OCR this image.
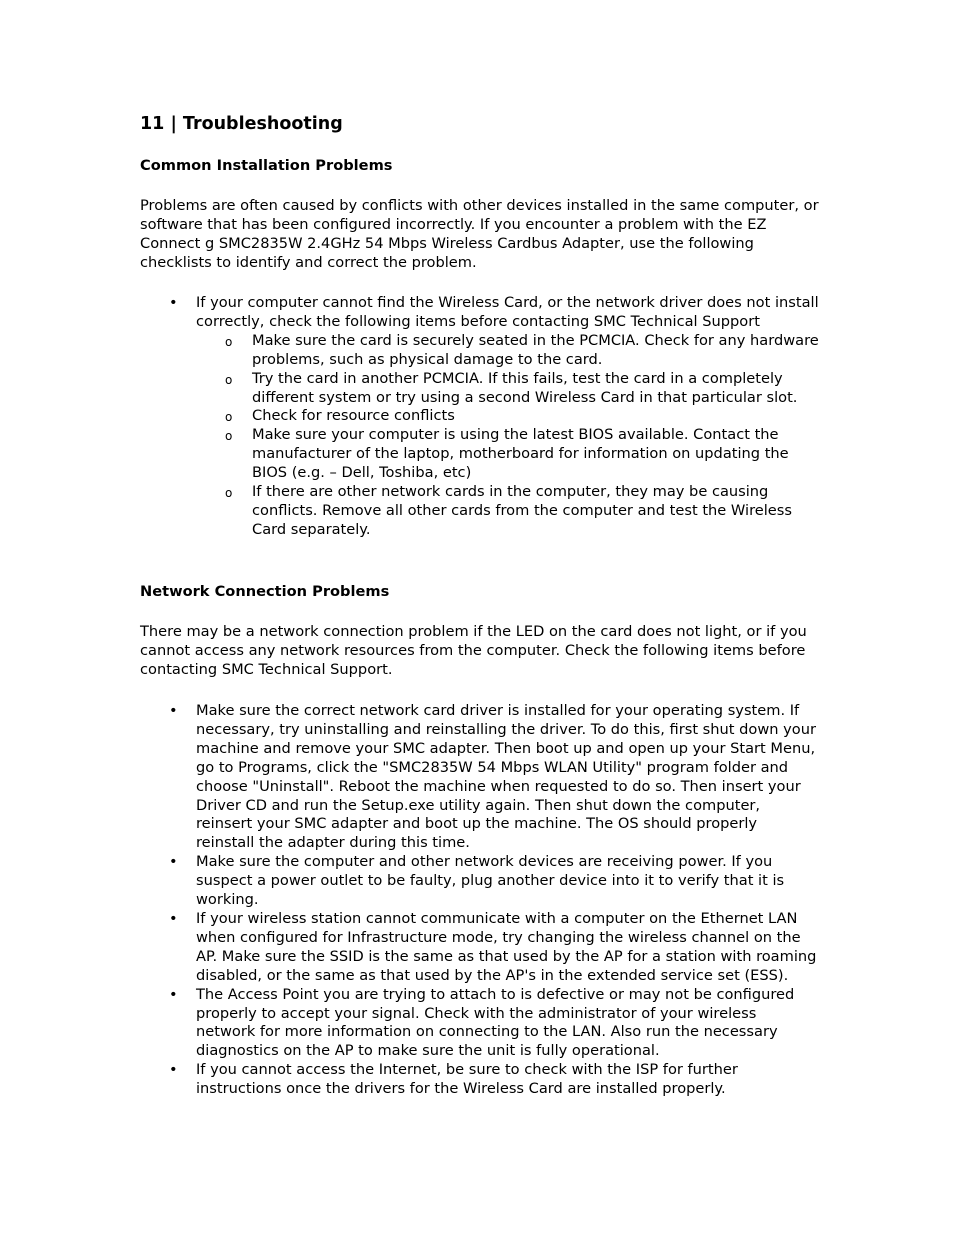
11 | Troubleshooting
Common Installation Problems

Problems are often caused by conflicts with other devices installed in the same computer, or software that has been configured incorrectly. If you encounter a problem with the EZ Connect g SMC2835W 2.4GHz 54 Mbps Wireless Cardbus Adapter, use the following checklists to identify and correct the problem.

• If your computer cannot find the Wireless Card, or the network driver does not install correctly, check the following items before contacting SMC Technical Support
o Make sure the card is securely seated in the PCMCIA. Check for any hardware problems, such as physical damage to the card.
o Try the card in another PCMCIA. If this fails, test the card in a completely different system or try using a second Wireless Card in that particular slot.
o Check for resource conflicts
o Make sure your computer is using the latest BIOS available. Contact the manufacturer of the laptop, motherboard for information on updating the BIOS (e.g. – Dell, Toshiba, etc)
o If there are other network cards in the computer, they may be causing conflicts. Remove all other cards from the computer and test the Wireless Card separately.
Network Connection Problems

There may be a network connection problem if the LED on the card does not light, or if you cannot access any network resources from the computer. Check the following items before contacting SMC Technical Support.

• Make sure the correct network card driver is installed for your operating system. If necessary, try uninstalling and reinstalling the driver. To do this, first shut down your machine and remove your SMC adapter. Then boot up and open up your Start Menu, go to Programs, click the "SMC2835W 54 Mbps WLAN Utility" program folder and choose "Uninstall". Reboot the machine when requested to do so. Then insert your Driver CD and run the Setup.exe utility again. Then shut down the computer, reinsert your SMC adapter and boot up the machine. The OS should properly reinstall the adapter during this time.
• Make sure the computer and other network devices are receiving power. If you suspect a power outlet to be faulty, plug another device into it to verify that it is working.
• If your wireless station cannot communicate with a computer on the Ethernet LAN when configured for Infrastructure mode, try changing the wireless channel on the AP. Make sure the SSID is the same as that used by the AP for a station with roaming disabled, or the same as that used by the AP's in the extended service set (ESS).
• The Access Point you are trying to attach to is defective or may not be configured properly to accept your signal. Check with the administrator of your wireless network for more information on connecting to the LAN. Also run the necessary diagnostics on the AP to make sure the unit is fully operational.
• If you cannot access the Internet, be sure to check with the ISP for further instructions once the drivers for the Wireless Card are installed properly.
